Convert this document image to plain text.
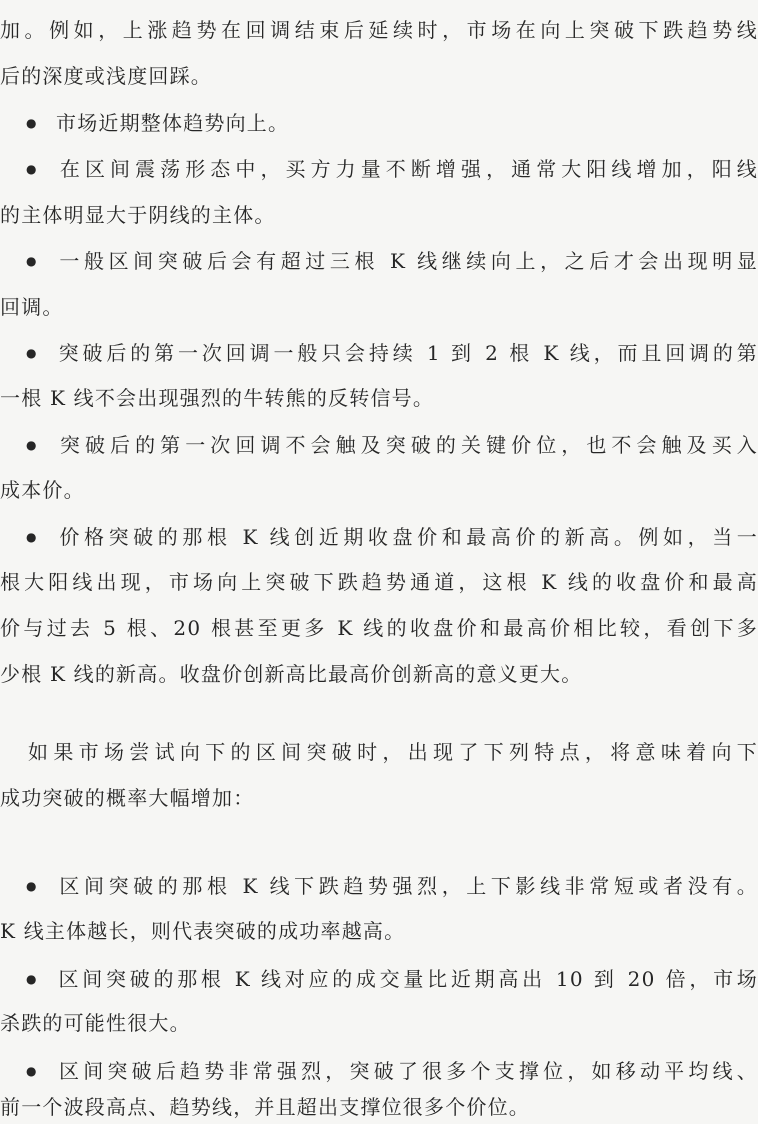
加。例如，上涨趋势在回调结束后延续时，市场在向上突破下跌趋势线
后的深度或浅度回踩。
●市场近期整体趋势向上。
●在区间震荡形态中，买方力量不断增强，通常大阳线增加，阳线
的主体明显大于阴线的主体。
●一般区间突破后会有超过三根 K 线继续向上，之后才会出现明显
回调。
●突破后的第一次回调一般只会持续 1 到 2 根 K 线，而且回调的第
一根 K 线不会出现强烈的牛转熊的反转信号。
●突破后的第一次回调不会触及突破的关键价位，也不会触及买入
成本价。
●价格突破的那根 K 线创近期收盘价和最高价的新高。例如，当一
根大阳线出现，市场向上突破下跌趋势通道，这根 K 线的收盘价和最高
价与过去 5 根、20 根甚至更多 K 线的收盘价和最高价相比较，看创下多
少根 K 线的新高。收盘价创新高比最高价创新高的意义更大。
如果市场尝试向下的区间突破时，出现了下列特点，将意味着向下
成功突破的概率大幅增加：
●区间突破的那根 K 线下跌趋势强烈，上下影线非常短或者没有。
K 线主体越长，则代表突破的成功率越高。
●区间突破的那根 K 线对应的成交量比近期高出 10 到 20 倍，市场
杀跌的可能性很大。
●区间突破后趋势非常强烈，突破了很多个支撑位，如移动平均线、
前一个波段高点、趋势线，并且超出支撑位很多个价位。
